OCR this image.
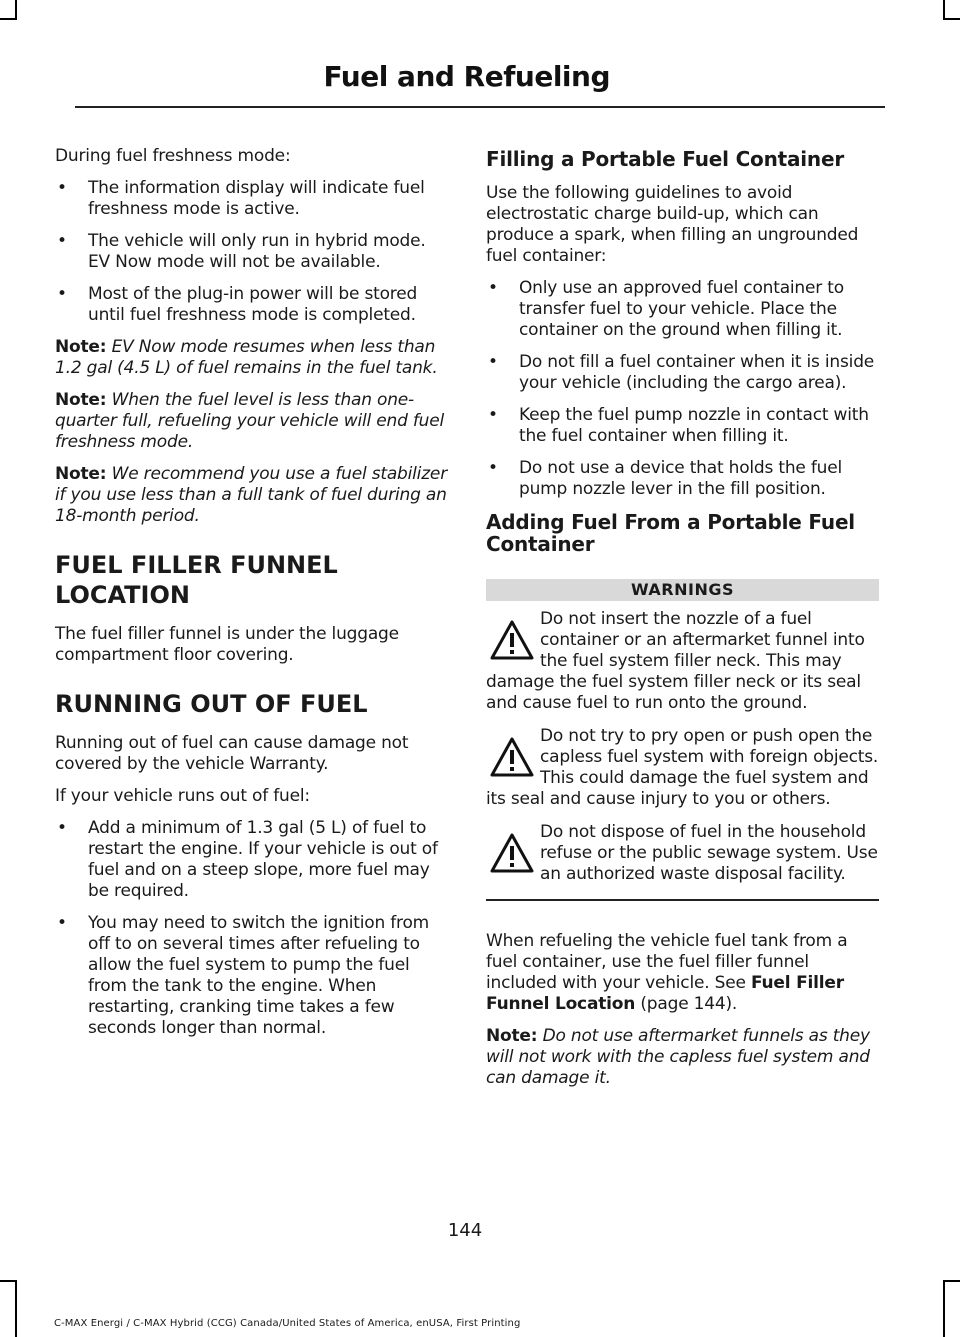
Fuel and Refueling

During fuel freshness mode:

• The information display will indicate fuel freshness mode is active.
• The vehicle will only run in hybrid mode. EV Now mode will not be available.
• Most of the plug-in power will be stored until fuel freshness mode is completed.

Note: EV Now mode resumes when less than 1.2 gal (4.5 L) of fuel remains in the fuel tank.

Note: When the fuel level is less than one-quarter full, refueling your vehicle will end fuel freshness mode.

Note: We recommend you use a fuel stabilizer if you use less than a full tank of fuel during an 18-month period.

FUEL FILLER FUNNEL LOCATION

The fuel filler funnel is under the luggage compartment floor covering.

RUNNING OUT OF FUEL

Running out of fuel can cause damage not covered by the vehicle Warranty.

If your vehicle runs out of fuel:

• Add a minimum of 1.3 gal (5 L) of fuel to restart the engine. If your vehicle is out of fuel and on a steep slope, more fuel may be required.
• You may need to switch the ignition from off to on several times after refueling to allow the fuel system to pump the fuel from the tank to the engine. When restarting, cranking time takes a few seconds longer than normal.
Filling a Portable Fuel Container

Use the following guidelines to avoid electrostatic charge build-up, which can produce a spark, when filling an ungrounded fuel container:

• Only use an approved fuel container to transfer fuel to your vehicle. Place the container on the ground when filling it.
• Do not fill a fuel container when it is inside your vehicle (including the cargo area).
• Keep the fuel pump nozzle in contact with the fuel container when filling it.
• Do not use a device that holds the fuel pump nozzle lever in the fill position.
Adding Fuel From a Portable Fuel Container
WARNINGS
Do not insert the nozzle of a fuel container or an aftermarket funnel into the fuel system filler neck. This may damage the fuel system filler neck or its seal and cause fuel to run onto the ground.
Do not try to pry open or push open the capless fuel system with foreign objects. This could damage the fuel system and its seal and cause injury to you or others.
Do not dispose of fuel in the household refuse or the public sewage system. Use an authorized waste disposal facility.

When refueling the vehicle fuel tank from a fuel container, use the fuel filler funnel included with your vehicle. See Fuel Filler Funnel Location (page 144).

Note: Do not use aftermarket funnels as they will not work with the capless fuel system and can damage it.

144
C-MAX Energi / C-MAX Hybrid (CCG) Canada/United States of America, enUSA, First Printing
